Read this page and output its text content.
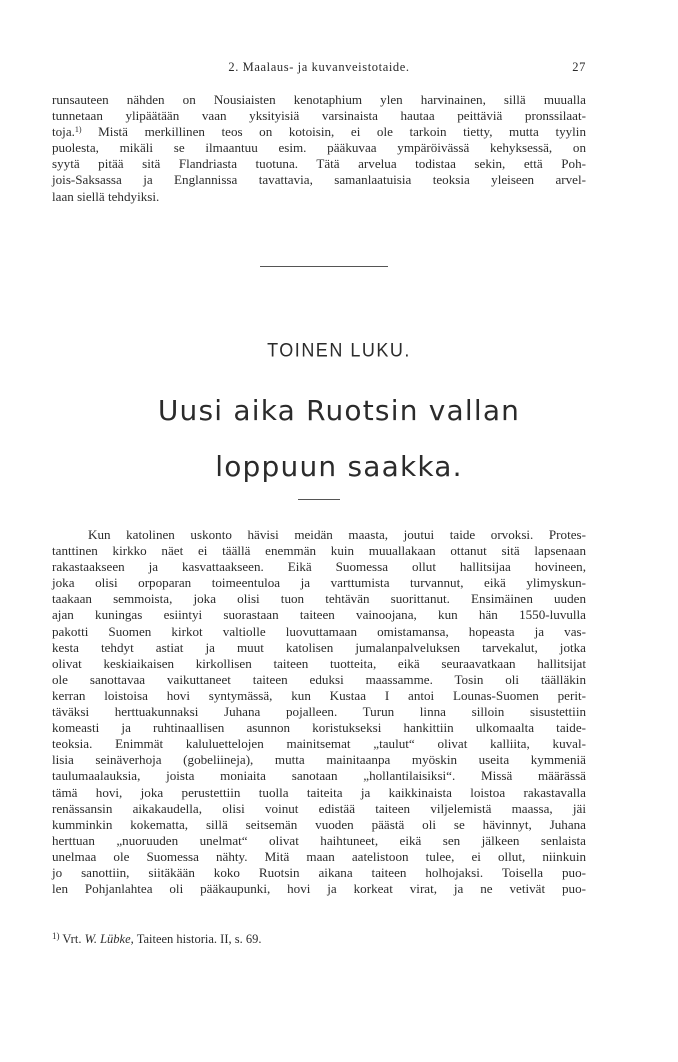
2. Maalaus- ja kuvanveistotaide.	27
runsauteen nähden on Nousiaisten kenotaphium ylen harvinainen, sillä muualla
tunnetaan ylipäätään vaan yksityisiä varsinaista hautaa peittäviä pronssilaat-
toja.$^{1)}$ Mistä merkillinen teos on kotoisin, ei ole tarkoin tietty, mutta tyylin
puolesta, mikäli se ilmaantuu esim. pääkuvaa ympäröivässä kehyksessä, on
syytä pitää sitä Flandriasta tuotuna. Tätä arvelua todistaa sekin, että Poh-
jois-Saksassa ja Englannissa tavattavia, samanlaatuisia teoksia yleiseen arvel-
laan siellä tehdyiksi.
TOINEN LUKU.
Uusi aika Ruotsin vallan
loppuun saakka.
Kun katolinen uskonto hävisi meidän maasta, joutui taide orvoksi. Protes-
tanttinen kirkko näet ei täällä enemmän kuin muuallakaan ottanut sitä lapsenaan
rakastaakseen ja kasvattaakseen. Eikä Suomessa ollut hallitsijaa hovineen,
joka olisi orpoparan toimeentuloa ja varttumista turvannut, eikä ylimyskun-
taakaan semmoista, joka olisi tuon tehtävän suorittanut. Ensimäinen uuden
ajan kuningas esiintyi suorastaan taiteen vainoojana, kun hän 1550-luvulla
pakotti Suomen kirkot valtiolle luovuttamaan omistamansa, hopeasta ja vas-
kesta tehdyt astiat ja muut katolisen jumalanpalveluksen tarvekalut, jotka
olivat keskiaikaisen kirkollisen taiteen tuotteita, eikä seuraavatkaan hallitsijat
ole sanottavaa vaikuttaneet taiteen eduksi maassamme. Tosin oli täälläkin
kerran loistoisa hovi syntymässä, kun Kustaa I antoi Lounas-Suomen perit-
täväksi herttuakunnaksi Juhana pojalleen. Turun linna silloin sisustettiin
komeasti ja ruhtinaallisen asunnon koristukseksi hankittiin ulkomaalta taide-
teoksia. Enimmät kaluluettelojen mainitsemat „taulut“ olivat kalliita, kuval-
lisia seinäverhoja (gobeliineja), mutta mainitaanpa myöskin useita kymmeniä
taulumaalauksia, joista moniaita sanotaan „hollantilaisiksi“. Missä määrässä
tämä hovi, joka perustettiin tuolla taiteita ja kaikkinaista loistoa rakastavalla
renässansin aikakaudella, olisi voinut edistää taiteen viljelemistä maassa, jäi
kumminkin kokematta, sillä seitsemän vuoden päästä oli se hävinnyt, Juhana
herttuan „nuoruuden unelmat“ olivat haihtuneet, eikä sen jälkeen senlaista
unelmaa ole Suomessa nähty. Mitä maan aatelistoon tulee, ei ollut, niinkuin
jo sanottiin, siitäkään koko Ruotsin aikana taiteen holhojaksi. Toisella puo-
len Pohjanlahtea oli pääkaupunki, hovi ja korkeat virat, ja ne vetivät puo-
$^{1)}$ Vrt. W. Lübke, Taiteen historia. II, s. 69.
